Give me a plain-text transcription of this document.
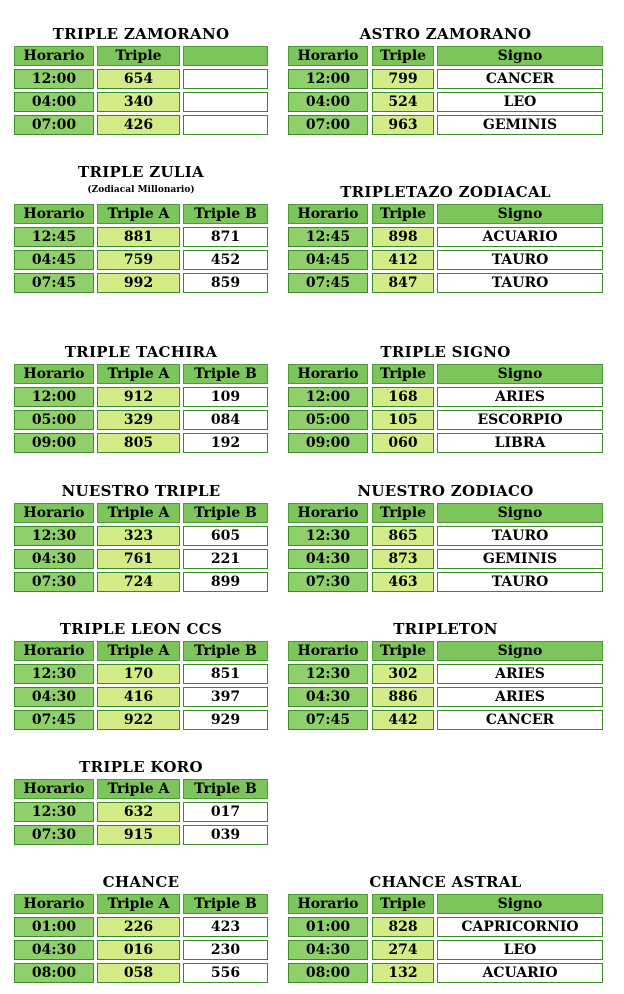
TRIPLE ZAMORANO
Horario	Triple
12:00	654
04:00	340
07:00	426
ASTRO ZAMORANO
Horario	Triple	Signo
12:00	799	CANCER
04:00	524	LEO
07:00	963	GEMINIS
TRIPLE ZULIA
(Zodiacal Millonario)
Horario	Triple A	Triple B
12:45	881	871
04:45	759	452
07:45	992	859
TRIPLETAZO ZODIACAL
Horario	Triple	Signo
12:45	898	ACUARIO
04:45	412	TAURO
07:45	847	TAURO
TRIPLE TACHIRA
Horario	Triple A	Triple B
12:00	912	109
05:00	329	084
09:00	805	192
TRIPLE SIGNO
Horario	Triple	Signo
12:00	168	ARIES
05:00	105	ESCORPIO
09:00	060	LIBRA
NUESTRO TRIPLE
Horario	Triple A	Triple B
12:30	323	605
04:30	761	221
07:30	724	899
NUESTRO ZODIACO
Horario	Triple	Signo
12:30	865	TAURO
04:30	873	GEMINIS
07:30	463	TAURO
TRIPLE LEON CCS
Horario	Triple A	Triple B
12:30	170	851
04:30	416	397
07:45	922	929
TRIPLETON
Horario	Triple	Signo
12:30	302	ARIES
04:30	886	ARIES
07:45	442	CANCER
TRIPLE KORO
Horario	Triple A	Triple B
12:30	632	017
07:30	915	039
CHANCE
Horario	Triple A	Triple B
01:00	226	423
04:30	016	230
08:00	058	556
CHANCE ASTRAL
Horario	Triple	Signo
01:00	828	CAPRICORNIO
04:30	274	LEO
08:00	132	ACUARIO
